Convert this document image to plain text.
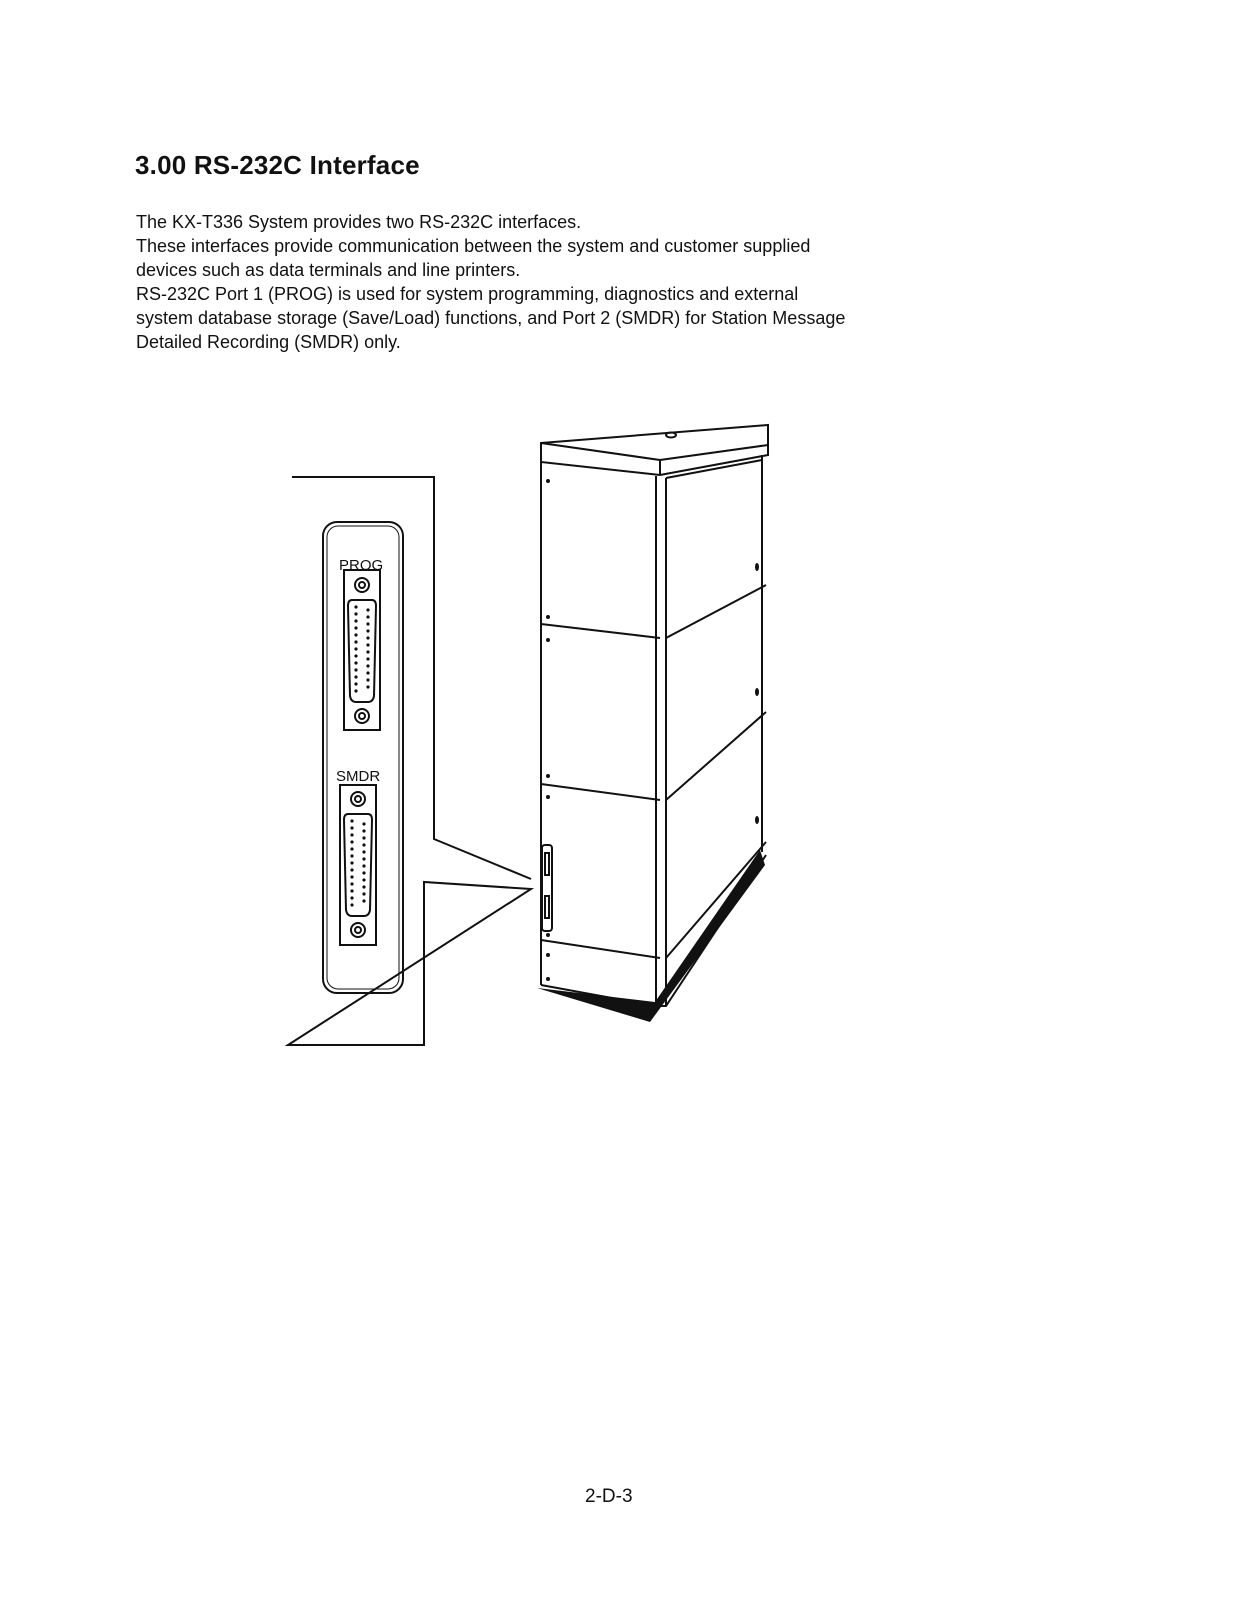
3.00 RS-232C Interface
The KX-T336 System provides two RS-232C interfaces.
These interfaces provide communication between the system and customer supplied
devices such as data terminals and line printers.
RS-232C Port 1 (PROG) is used for system programming, diagnostics and external
system database storage (Save/Load) functions, and Port 2 (SMDR) for Station Message
Detailed Recording (SMDR) only.
PROG
SMDR
2-D-3
